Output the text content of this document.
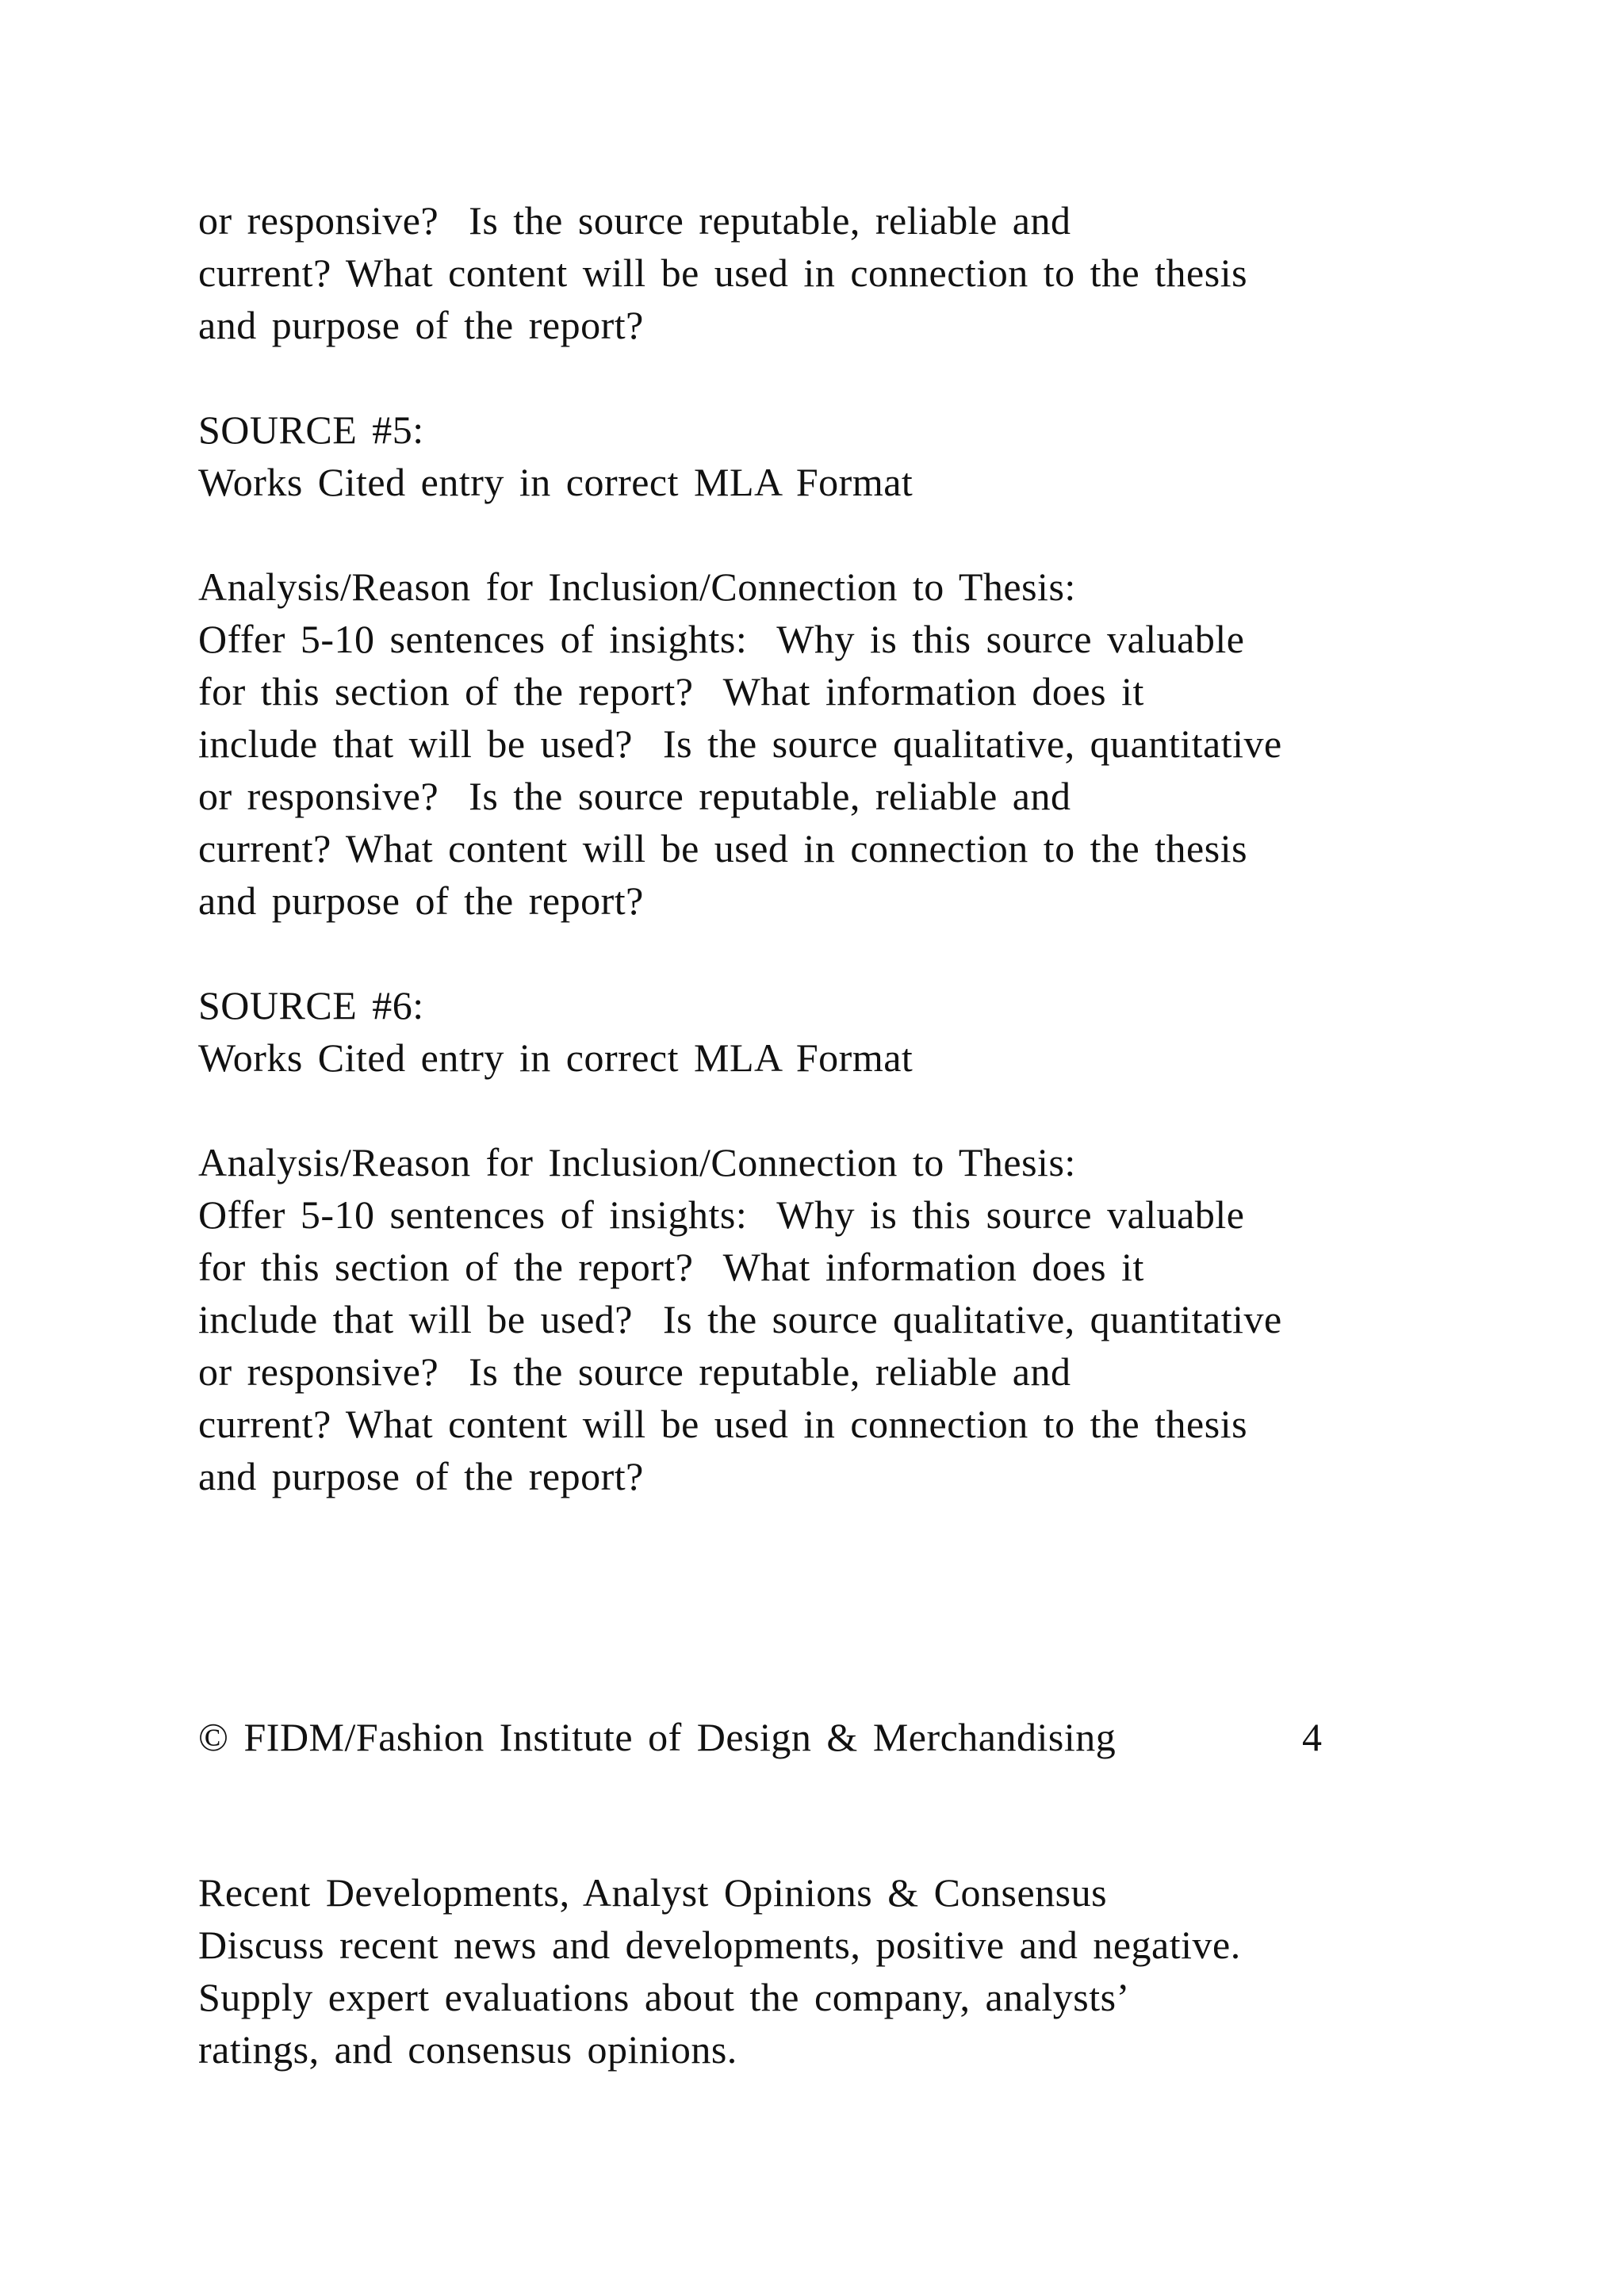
or responsive?  Is the source reputable, reliable and

current? What content will be used in connection to the thesis

and purpose of the report?

SOURCE #5:

Works Cited entry in correct MLA Format

Analysis/Reason for Inclusion/Connection to Thesis:

Offer 5-10 sentences of insights:  Why is this source valuable

for this section of the report?  What information does it

include that will be used?  Is the source qualitative, quantitative

or responsive?  Is the source reputable, reliable and

current? What content will be used in connection to the thesis

and purpose of the report?

SOURCE #6:

Works Cited entry in correct MLA Format

Analysis/Reason for Inclusion/Connection to Thesis:

Offer 5-10 sentences of insights:  Why is this source valuable

for this section of the report?  What information does it

include that will be used?  Is the source qualitative, quantitative

or responsive?  Is the source reputable, reliable and

current? What content will be used in connection to the thesis

and purpose of the report?

© FIDM/Fashion Institute of Design & Merchandising	4

Recent Developments, Analyst Opinions & Consensus

Discuss recent news and developments, positive and negative.

Supply expert evaluations about the company, analysts’

ratings, and consensus opinions.
